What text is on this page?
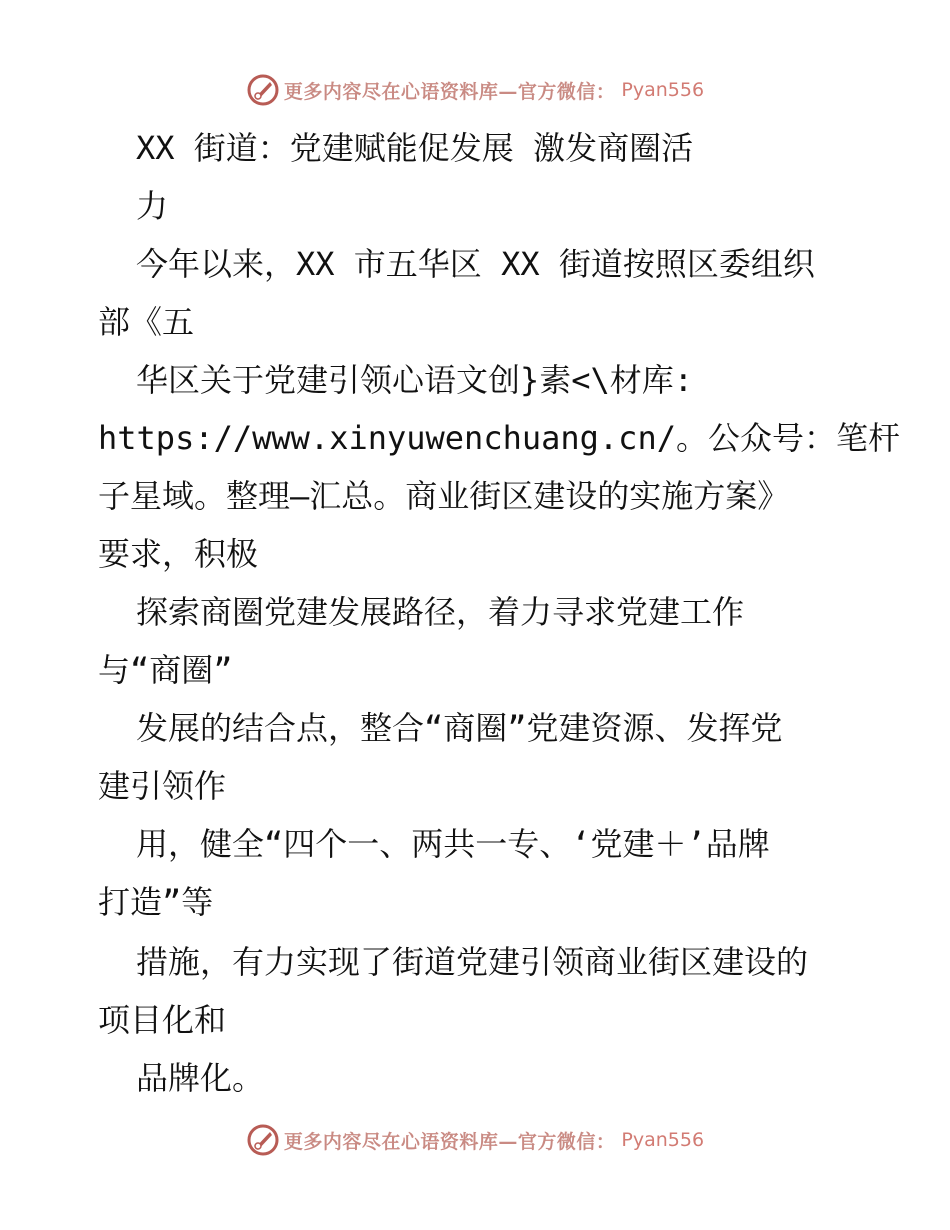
更多内容尽在心语资料库—官方微信： Pyan556
XX 街道：党建赋能促发展 激发商圈活
力
今年以来，XX 市五华区 XX 街道按照区委组织
部《五
华区关于党建引领心语文创}素<\材库:
https://www.xinyuwenchuang.cn/。公众号：笔杆
子星域。整理—汇总。商业街区建设的实施方案》
要求，积极
探索商圈党建发展路径，着力寻求党建工作
与“商圈”
发展的结合点，整合“商圈”党建资源、发挥党
建引领作
用，健全“四个一、两共一专、‘党建＋’品牌
打造”等
措施，有力实现了街道党建引领商业街区建设的
项目化和
品牌化。
更多内容尽在心语资料库—官方微信： Pyan556
